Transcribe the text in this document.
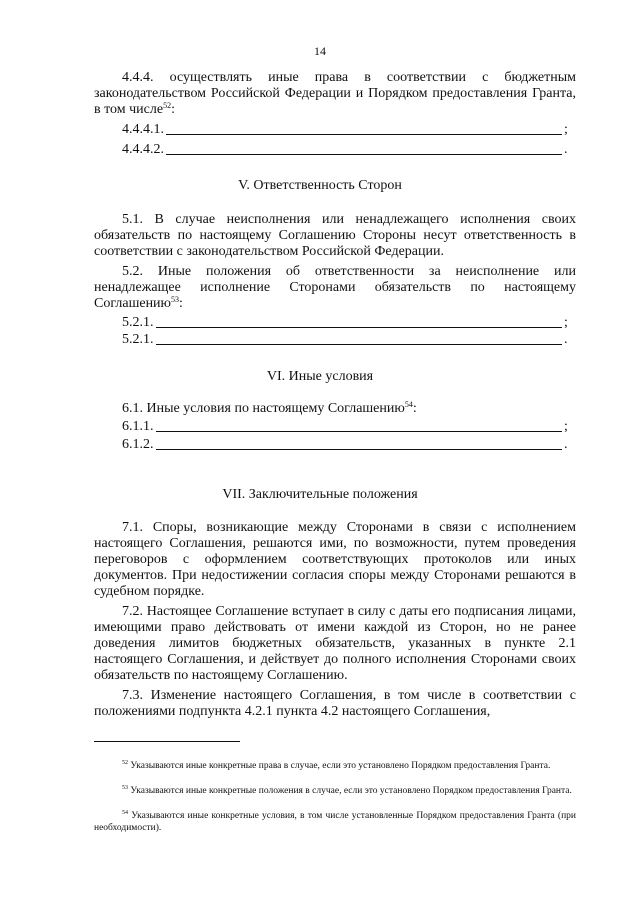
14
4.4.4. осуществлять иные права в соответствии с бюджетным законодательством Российской Федерации и Порядком предоставления Гранта, в том числе$^{52}$:
4.4.4.1.	;
4.4.4.2.	.
V. Ответственность Сторон
5.1. В случае неисполнения или ненадлежащего исполнения своих обязательств по настоящему Соглашению Стороны несут ответственность в соответствии с законодательством Российской Федерации.
5.2. Иные положения об ответственности за неисполнение или ненадлежащее исполнение Сторонами обязательств по настоящему Соглашению$^{53}$:
5.2.1.	;
5.2.1.	.
VI. Иные условия
6.1. Иные условия по настоящему Соглашению$^{54}$:
6.1.1.	;
6.1.2.	.
VII. Заключительные положения
7.1. Споры, возникающие между Сторонами в связи с исполнением настоящего Соглашения, решаются ими, по возможности, путем проведения переговоров с оформлением соответствующих протоколов или иных документов. При недостижении согласия споры между Сторонами решаются в судебном порядке.
7.2. Настоящее Соглашение вступает в силу с даты его подписания лицами, имеющими право действовать от имени каждой из Сторон, но не ранее доведения лимитов бюджетных обязательств, указанных в пункте 2.1 настоящего Соглашения, и действует до полного исполнения Сторонами своих обязательств по настоящему Соглашению.
7.3. Изменение настоящего Соглашения, в том числе в соответствии с положениями подпункта 4.2.1 пункта 4.2 настоящего Соглашения,
$^{52}$ Указываются иные конкретные права в случае, если это установлено Порядком предоставления Гранта.
$^{53}$ Указываются иные конкретные положения в случае, если это установлено Порядком предоставления Гранта.
$^{54}$ Указываются иные конкретные условия, в том числе установленные Порядком предоставления Гранта (при необходимости).
